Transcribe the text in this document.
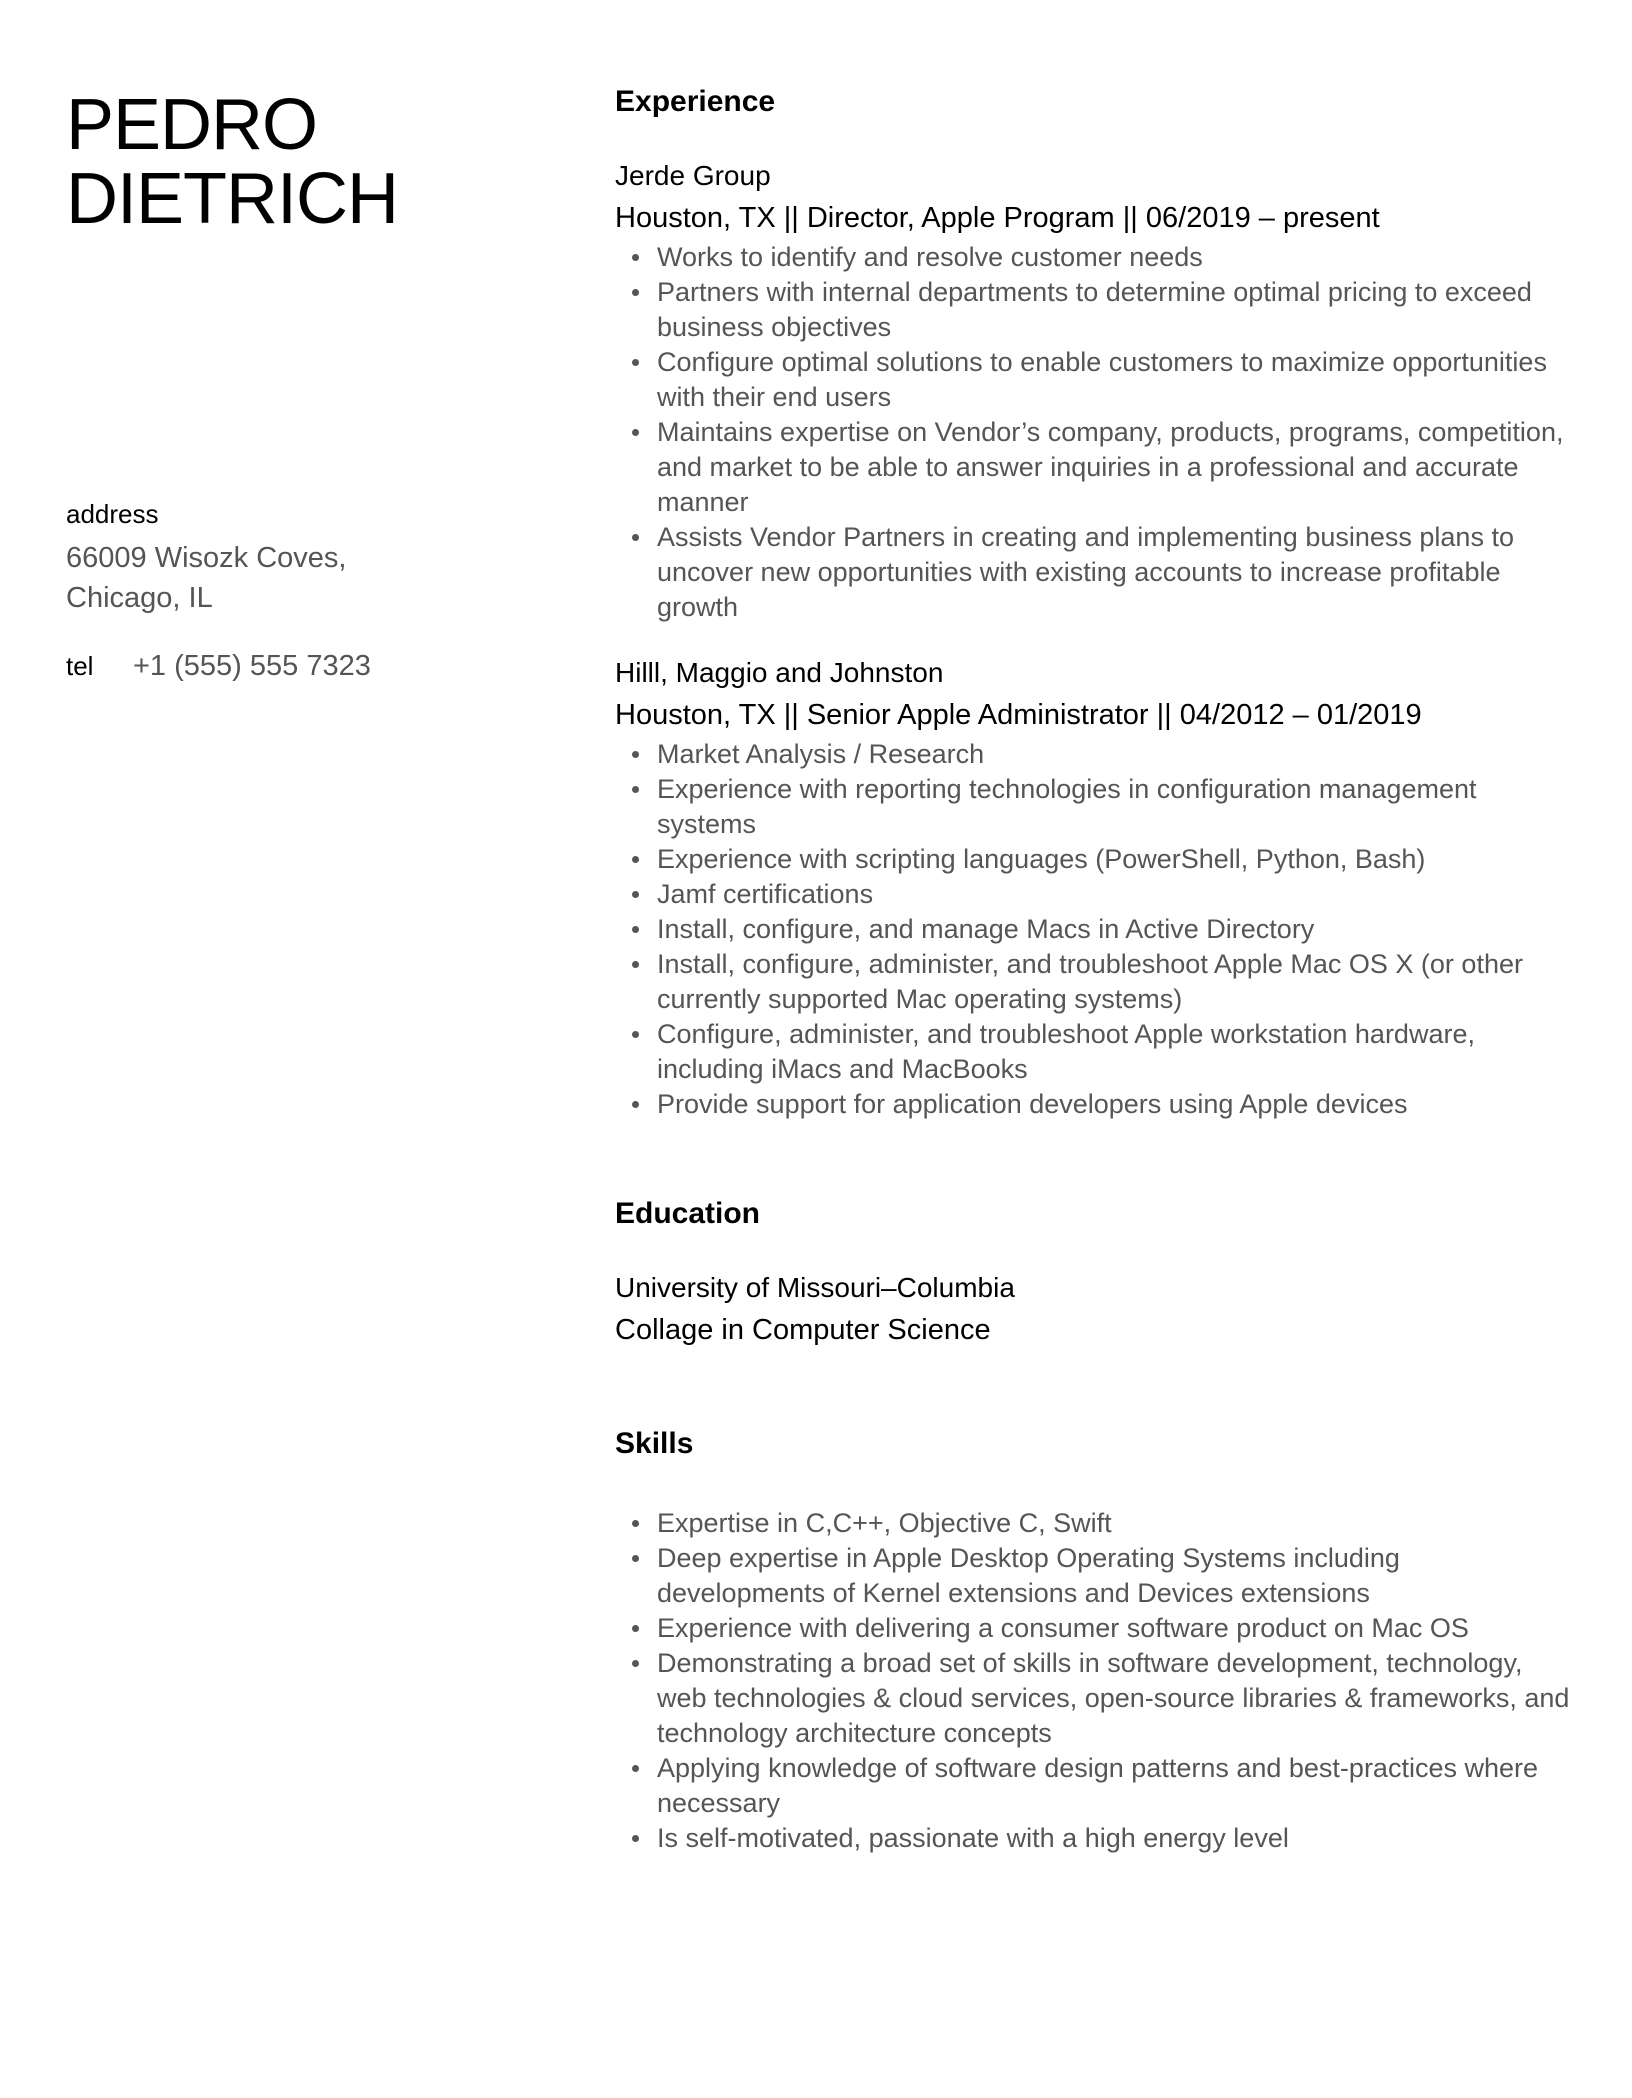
PEDRO
DIETRICH
address
66009 Wisozk Coves,
Chicago, IL
tel	+1 (555) 555 7323
Experience
Jerde Group
Houston, TX || Director, Apple Program || 06/2019 – present
Works to identify and resolve customer needs
Partners with internal departments to determine optimal pricing to exceed business objectives
Configure optimal solutions to enable customers to maximize opportunities with their end users
Maintains expertise on Vendor’s company, products, programs, competition, and market to be able to answer inquiries in a professional and accurate manner
Assists Vendor Partners in creating and implementing business plans to uncover new opportunities with existing accounts to increase profitable growth
Hilll, Maggio and Johnston
Houston, TX || Senior Apple Administrator || 04/2012 – 01/2019
Market Analysis / Research
Experience with reporting technologies in configuration management systems
Experience with scripting languages (PowerShell, Python, Bash)
Jamf certifications
Install, configure, and manage Macs in Active Directory
Install, configure, administer, and troubleshoot Apple Mac OS X (or other currently supported Mac operating systems)
Configure, administer, and troubleshoot Apple workstation hardware, including iMacs and MacBooks
Provide support for application developers using Apple devices
Education
University of Missouri–Columbia
Collage in Computer Science
Skills
Expertise in C,C++, Objective C, Swift
Deep expertise in Apple Desktop Operating Systems including developments of Kernel extensions and Devices extensions
Experience with delivering a consumer software product on Mac OS
Demonstrating a broad set of skills in software development, technology, web technologies & cloud services, open-source libraries & frameworks, and technology architecture concepts
Applying knowledge of software design patterns and best-practices where necessary
Is self-motivated, passionate with a high energy level
